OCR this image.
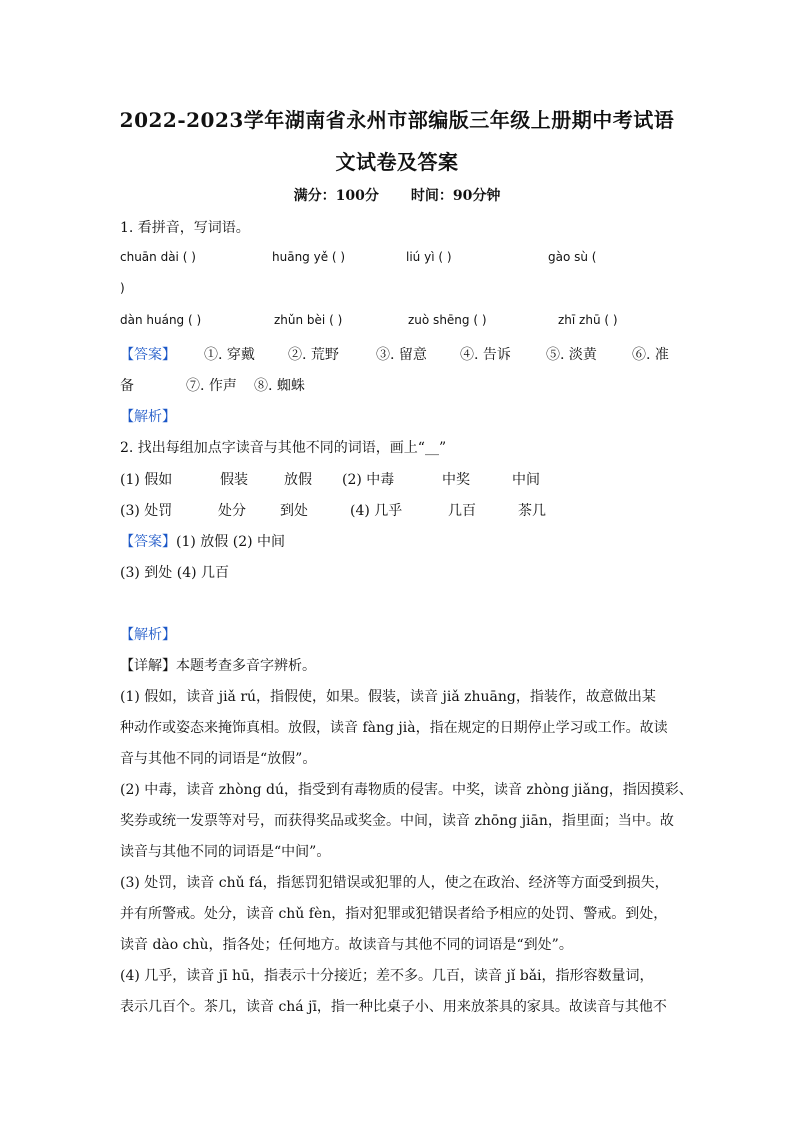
2022-2023学年湖南省永州市部编版三年级上册期中考试语
文试卷及答案
满分：100分 时间：90分钟
1. 看拼音，写词语。
chuān dài ( )	huāng yě ( )	liú yì ( )	gào sù (
)
dàn huáng ( )	zhǔn bèi ( )	zuò shēng ( )	zhī zhū ( )
【答案】 ①. 穿戴 ②. 荒野	③. 留意 ④. 告诉	⑤. 淡黄	⑥. 准
备	⑦. 作声 ⑧. 蜘蛛
【解析】
2. 找出每组加点字读音与其他不同的词语，画上“__”
(1) 假如	假装	放假 (2) 中毒	中奖	中间
(3) 处罚	处分 到处	(4) 几乎	几百	茶几
【答案】(1) 放假 (2) 中间
(3) 到处 (4) 几百
【解析】
【详解】本题考查多音字辨析。
(1) 假如，读音 jiǎ rú，指假使，如果。假装，读音 jiǎ zhuāng，指装作，故意做出某
种动作或姿态来掩饰真相。放假，读音 fàng jià，指在规定的日期停止学习或工作。故读
音与其他不同的词语是“放假”。
(2) 中毒，读音 zhòng dú，指受到有毒物质的侵害。中奖，读音 zhòng jiǎng，指因摸彩、
奖券或统一发票等对号，而获得奖品或奖金。中间，读音 zhōng jiān，指里面；当中。故
读音与其他不同的词语是“中间”。
(3) 处罚，读音 chǔ fá，指惩罚犯错误或犯罪的人，使之在政治、经济等方面受到损失，
并有所警戒。处分，读音 chǔ fèn，指对犯罪或犯错误者给予相应的处罚、警戒。到处，
读音 dào chù，指各处；任何地方。故读音与其他不同的词语是“到处”。
(4) 几乎，读音 jī hū，指表示十分接近；差不多。几百，读音 jǐ bǎi，指形容数量词，
表示几百个。茶几，读音 chá jī，指一种比桌子小、用来放茶具的家具。故读音与其他不
